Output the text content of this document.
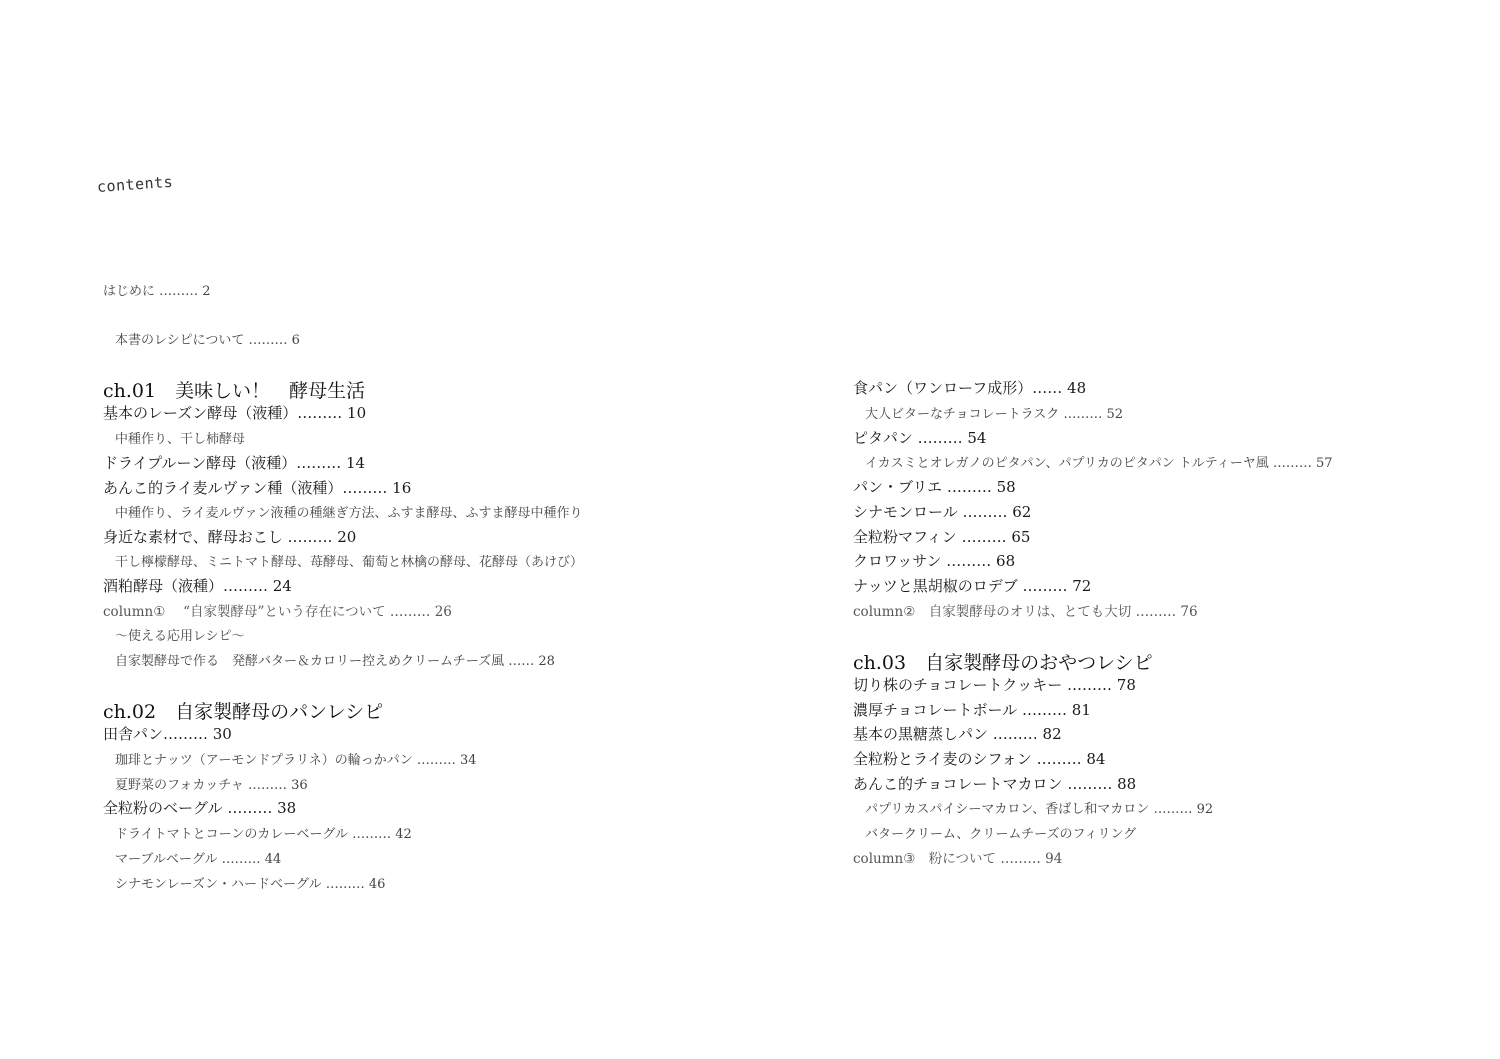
contents
はじめに ……… 2
本書のレシピについて ……… 6
ch.01　美味しい！　酵母生活
基本のレーズン酵母（液種）……… 10
中種作り、干し柿酵母
ドライプルーン酵母（液種）……… 14
あんこ的ライ麦ルヴァン種（液種）……… 16
中種作り、ライ麦ルヴァン液種の種継ぎ方法、ふすま酵母、ふすま酵母中種作り
身近な素材で、酵母おこし ……… 20
干し檸檬酵母、ミニトマト酵母、苺酵母、葡萄と林檎の酵母、花酵母（あけび）
酒粕酵母（液種）……… 24
column①　 “自家製酵母”という存在について ……… 26
〜使える応用レシピ〜
自家製酵母で作る　発酵バター＆カロリー控えめクリームチーズ風 …… 28
ch.02　自家製酵母のパンレシピ
田舎パン……… 30
珈琲とナッツ（アーモンドプラリネ）の輪っかパン ……… 34
夏野菜のフォカッチャ ……… 36
全粒粉のベーグル ……… 38
ドライトマトとコーンのカレーベーグル ……… 42
マーブルベーグル ……… 44
シナモンレーズン・ハードベーグル ……… 46
食パン（ワンローフ成形）…… 48
大人ビターなチョコレートラスク ……… 52
ピタパン ……… 54
イカスミとオレガノのピタパン、パプリカのピタパン トルティーヤ風 ……… 57
パン・ブリエ ……… 58
シナモンロール ……… 62
全粒粉マフィン ……… 65
クロワッサン ……… 68
ナッツと黒胡椒のロデブ ……… 72
column②　自家製酵母のオリは、とても大切 ……… 76
ch.03　自家製酵母のおやつレシピ
切り株のチョコレートクッキー ……… 78
濃厚チョコレートボール ……… 81
基本の黒糖蒸しパン ……… 82
全粒粉とライ麦のシフォン ……… 84
あんこ的チョコレートマカロン ……… 88
パプリカスパイシーマカロン、香ばし和マカロン ……… 92
バタークリーム、クリームチーズのフィリング
column③　粉について ……… 94
